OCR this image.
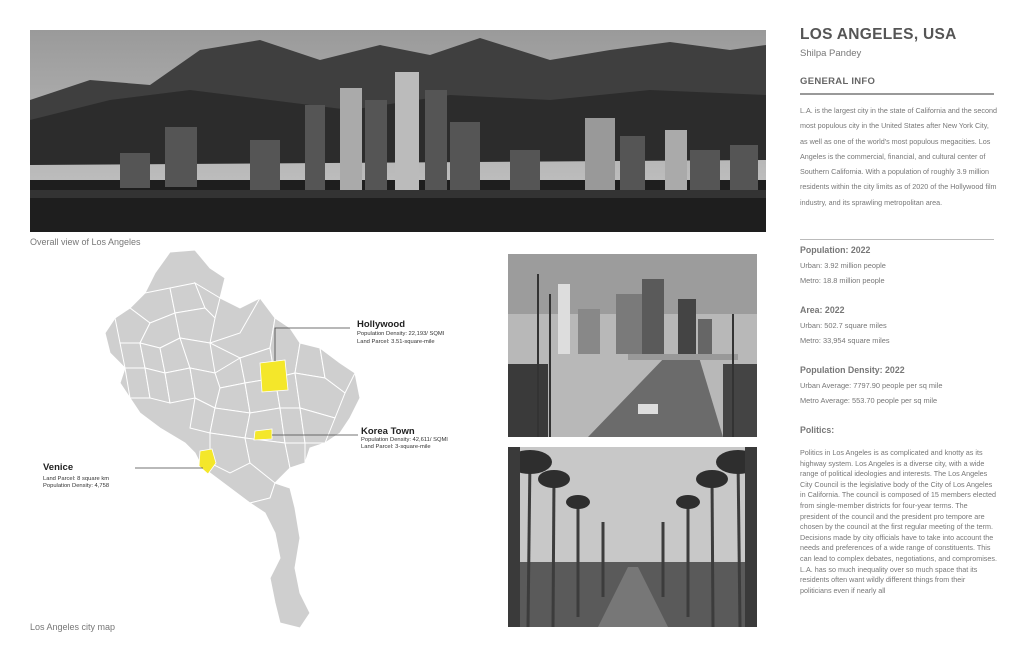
Overall view of Los Angeles
Hollywood
Population Density: 22,193/ SQMI
Land Parcel: 3.51-square-mile
Korea Town
Population Density: 42,611/ SQMI
Land Parcel: 3-square-mile
Venice
Land Parcel: 8 square km
Population Density: 4,758
Los Angeles city map
LOS ANGELES, USA
Shilpa Pandey
GENERAL INFO

L.A. is the largest city in the state of California and the second most populous city in the United States after New York City, as well as one of the world's most populous megacities. Los Angeles is the commercial, financial, and cultural center of Southern California. With a population of roughly 3.9 million residents within the city limits as of 2020 of the Hollywood film industry, and its sprawling metropolitan area.

Population: 2022
Urban: 3.92 million people
Metro: 18.8 million people
Area: 2022
Urban: 502.7 square miles
Metro: 33,954 square miles
Population Density: 2022
Urban Average: 7797.90 people per sq mile
Metro Average: 553.70 people per sq mile
Politics:

Politics in Los Angeles is as complicated and knotty as its highway system. Los Angeles is a diverse city, with a wide range of political ideologies and interests. The Los Angeles City Council is the legislative body of the City of Los Angeles in California. The council is composed of 15 members elected from single-member districts for four-year terms. The president of the council and the president pro tempore are chosen by the council at the first regular meeting of the term. Decisions made by city officials have to take into account the needs and preferences of a wide range of constituents. This can lead to complex debates, negotiations, and compromises. L.A. has so much inequality over so much space that its residents often want wildly different things from their politicians even if nearly all
